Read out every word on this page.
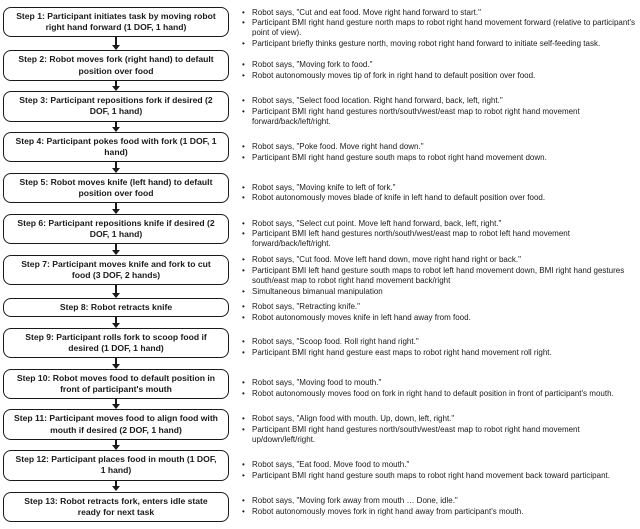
Step 1: Participant initiates task by moving robot right hand forward (1 DOF, 1 hand)
• Robot says, "Cut and eat food. Move right hand forward to start."
• Participant BMI right hand gesture north maps to robot right hand movement forward (relative to participant's point of view).
• Participant briefly thinks gesture north, moving robot right hand forward to initiate self-feeding task.
Step 2: Robot moves fork (right hand) to default position over food
• Robot says, "Moving fork to food."
• Robot autonomously moves tip of fork in right hand to default position over food.
Step 3: Participant repositions fork if desired (2 DOF, 1 hand)
• Robot says, "Select food location. Right hand forward, back, left, right."
• Participant BMI right hand gestures north/south/west/east map to robot right hand movement forward/back/left/right.
Step 4: Participant pokes food with fork (1 DOF, 1 hand)
• Robot says, "Poke food. Move right hand down."
• Participant BMI right hand gesture south maps to robot right hand movement down.
Step 5: Robot moves knife (left hand) to default position over food
• Robot says, "Moving knife to left of fork."
• Robot autonomously moves blade of knife in left hand to default position over food.
Step 6: Participant repositions knife if desired (2 DOF, 1 hand)
• Robot says, "Select cut point. Move left hand forward, back, left, right."
• Participant BMI left hand gestures north/south/west/east map to robot left hand movement forward/back/left/right.
Step 7: Participant moves knife and fork to cut food (3 DOF, 2 hands)
• Robot says, "Cut food. Move left hand down, move right hand right or back."
• Participant BMI left hand gesture south maps to robot left hand movement down, BMI right hand gestures south/east map to robot right hand movement back/right
• Simultaneous bimanual manipulation
Step 8: Robot retracts knife	• Robot says, "Retracting knife."
• Robot autonomously moves knife in left hand away from food.
Step 9: Participant rolls fork to scoop food if desired (1 DOF, 1 hand)
• Robot says, "Scoop food. Roll right hand right."
• Participant BMI right hand gesture east maps to robot right hand movement roll right.
Step 10: Robot moves food to default position in front of participant's mouth
• Robot says, "Moving food to mouth."
• Robot autonomously moves food on fork in right hand to default position in front of participant's mouth.
Step 11: Participant moves food to align food with mouth if desired (2 DOF, 1 hand)
• Robot says, "Align food with mouth. Up, down, left, right."
• Participant BMI right hand gestures north/south/west/east map to robot right hand movement up/down/left/right.
Step 12: Participant places food in mouth (1 DOF, 1 hand)
• Robot says, "Eat food. Move food to mouth."
• Participant BMI right hand gesture south maps to robot right hand movement back toward participant.
Step 13: Robot retracts fork, enters idle state ready for next task
• Robot says, "Moving fork away from mouth … Done, idle."
• Robot autonomously moves fork in right hand away from participant's mouth.
